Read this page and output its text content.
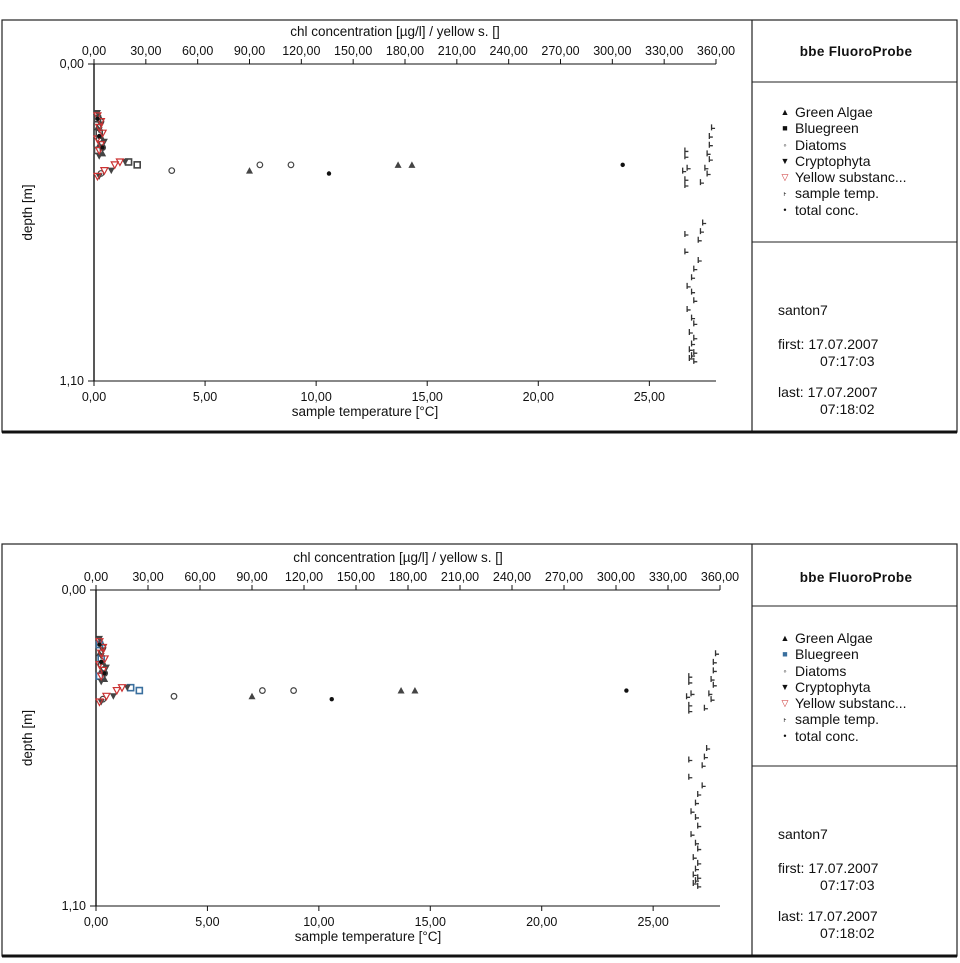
0,00 30,00 60,00 90,00 120,00 150,00 180,00 210,00 240,00 270,00 300,00 330,00 360,00
chl concentration [µg/l] / yellow s. []
0,00	5,00	10,00	15,00	20,00	25,00
sample temperature [°C]
0,00
1,10
depth [m]
bbe FluoroProbe
▲ Green Algae
■ Bluegreen
◦ Diatoms
▼ Cryptophyta
▽ Yellow substanc...
˫ sample temp.
• total conc.
santon7
first: 17.07.2007
07:17:03
last: 17.07.2007
07:18:02
0,00 30,00 60,00 90,00 120,00 150,00 180,00 210,00 240,00 270,00 300,00 330,00 360,00
chl concentration [µg/l] / yellow s. []
0,00	5,00	10,00	15,00	20,00	25,00
sample temperature [°C]
0,00
1,10
depth [m]
bbe FluoroProbe
▲ Green Algae
■ Bluegreen
◦ Diatoms
▼ Cryptophyta
▽ Yellow substanc...
˫ sample temp.
• total conc.
santon7
first: 17.07.2007
07:17:03
last: 17.07.2007
07:18:02
